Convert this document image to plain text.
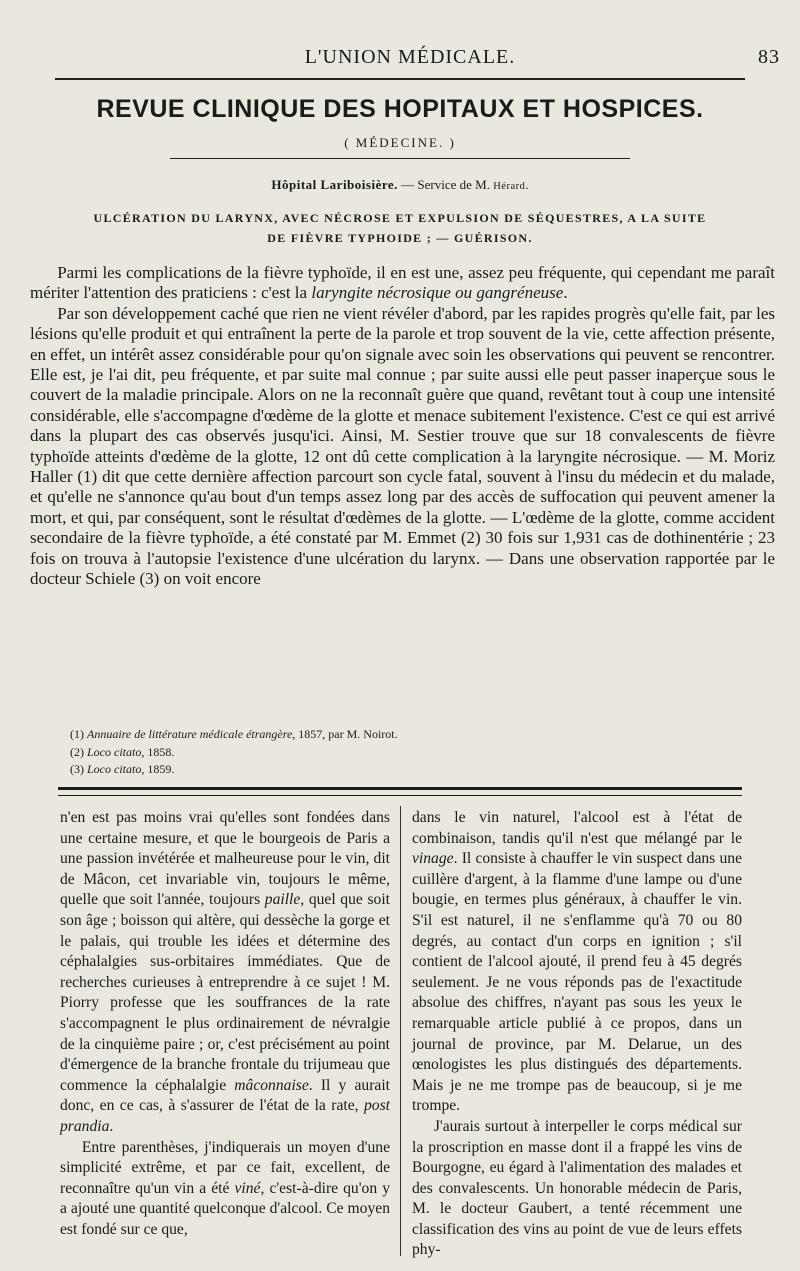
L'UNION MÉDICALE.	83
REVUE CLINIQUE DES HOPITAUX ET HOSPICES.
( MÉDECINE. )
Hôpital Lariboisière. — Service de M. Hérard.
ULCÉRATION DU LARYNX, AVEC NÉCROSE ET EXPULSION DE SÉQUESTRES, A LA SUITE
DE FIÈVRE TYPHOIDE ; — GUÉRISON.

Parmi les complications de la fièvre typhoïde, il en est une, assez peu fréquente, qui cependant me paraît mériter l'attention des praticiens : c'est la laryngite nécrosique ou gangréneuse.

Par son développement caché que rien ne vient révéler d'abord, par les rapides progrès qu'elle fait, par les lésions qu'elle produit et qui entraînent la perte de la parole et trop souvent de la vie, cette affection présente, en effet, un intérêt assez considérable pour qu'on signale avec soin les observations qui peuvent se rencontrer. Elle est, je l'ai dit, peu fréquente, et par suite mal connue ; par suite aussi elle peut passer inaperçue sous le couvert de la maladie principale. Alors on ne la reconnaît guère que quand, revêtant tout à coup une intensité considérable, elle s'accompagne d'œdème de la glotte et menace subitement l'existence. C'est ce qui est arrivé dans la plupart des cas observés jusqu'ici. Ainsi, M. Sestier trouve que sur 18 convalescents de fièvre typhoïde atteints d'œdème de la glotte, 12 ont dû cette complication à la laryngite nécrosique. — M. Moriz Haller (1) dit que cette dernière affection parcourt son cycle fatal, souvent à l'insu du médecin et du malade, et qu'elle ne s'annonce qu'au bout d'un temps assez long par des accès de suffocation qui peuvent amener la mort, et qui, par conséquent, sont le résultat d'œdèmes de la glotte. — L'œdème de la glotte, comme accident secondaire de la fièvre typhoïde, a été constaté par M. Emmet (2) 30 fois sur 1,931 cas de dothinentérie ; 23 fois on trouva à l'autopsie l'existence d'une ulcération du larynx. — Dans une observation rapportée par le docteur Schiele (3) on voit encore

(1) Annuaire de littérature médicale étrangère, 1857, par M. Noirot.
(2) Loco citato, 1858.
(3) Loco citato, 1859.

n'en est pas moins vrai qu'elles sont fondées dans une certaine mesure, et que le bourgeois de Paris a une passion invétérée et malheureuse pour le vin, dit de Mâcon, cet invariable vin, toujours le même, quelle que soit l'année, toujours paille, quel que soit son âge ; boisson qui altère, qui dessèche la gorge et le palais, qui trouble les idées et détermine des céphalalgies sus-orbitaires immédiates. Que de recherches curieuses à entreprendre à ce sujet ! M. Piorry professe que les souffrances de la rate s'accompagnent le plus ordinairement de névralgie de la cinquième paire ; or, c'est précisément au point d'émergence de la branche frontale du trijumeau que commence la céphalalgie mâconnaise. Il y aurait donc, en ce cas, à s'assurer de l'état de la rate, post prandia.

Entre parenthèses, j'indiquerais un moyen d'une simplicité extrême, et par ce fait, excellent, de reconnaître qu'un vin a été viné, c'est-à-dire qu'on y a ajouté une quantité quelconque d'alcool. Ce moyen est fondé sur ce que,

dans le vin naturel, l'alcool est à l'état de combinaison, tandis qu'il n'est que mélangé par le vinage. Il consiste à chauffer le vin suspect dans une cuillère d'argent, à la flamme d'une lampe ou d'une bougie, en termes plus généraux, à chauffer le vin. S'il est naturel, il ne s'enflamme qu'à 70 ou 80 degrés, au contact d'un corps en ignition ; s'il contient de l'alcool ajouté, il prend feu à 45 degrés seulement. Je ne vous réponds pas de l'exactitude absolue des chiffres, n'ayant pas sous les yeux le remarquable article publié à ce propos, dans un journal de province, par M. Delarue, un des œnologistes les plus distingués des départements. Mais je ne me trompe pas de beaucoup, si je me trompe.

J'aurais surtout à interpeller le corps médical sur la proscription en masse dont il a frappé les vins de Bourgogne, eu égard à l'alimentation des malades et des convalescents. Un honorable médecin de Paris, M. le docteur Gaubert, a tenté récemment une classification des vins au point de vue de leurs effets phy-
